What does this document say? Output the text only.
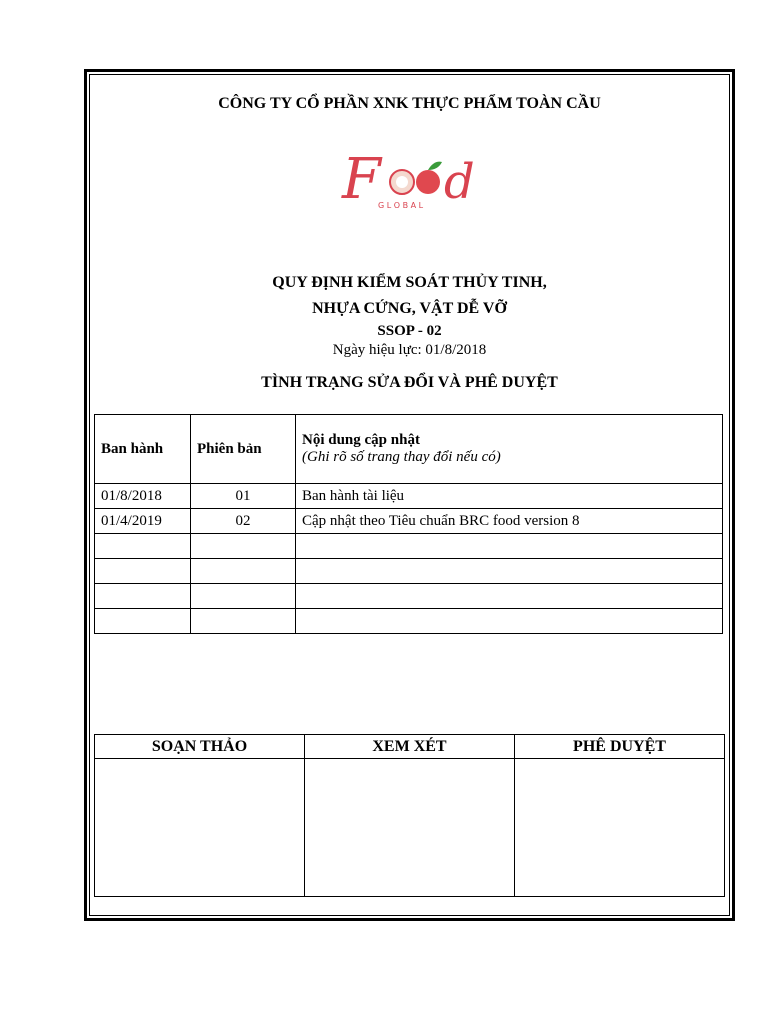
CÔNG TY CỔ PHẦN XNK THỰC PHẨM TOÀN CẦU
F d
G L O B A L
QUY ĐỊNH KIỂM SOÁT THỦY TINH,
NHỰA CỨNG, VẬT DỄ VỠ
SSOP - 02
Ngày hiệu lực: 01/8/2018
TÌNH TRẠNG SỬA ĐỔI VÀ PHÊ DUYỆT
Ban hành	Phiên bản	Nội dung cập nhật
(Ghi rõ số trang thay đổi nếu có)

01/8/2018	01	Ban hành tài liệu
01/4/2019	02	Cập nhật theo Tiêu chuẩn BRC food version 8

SOẠN THẢO	XEM XÉT	PHÊ DUYỆT
